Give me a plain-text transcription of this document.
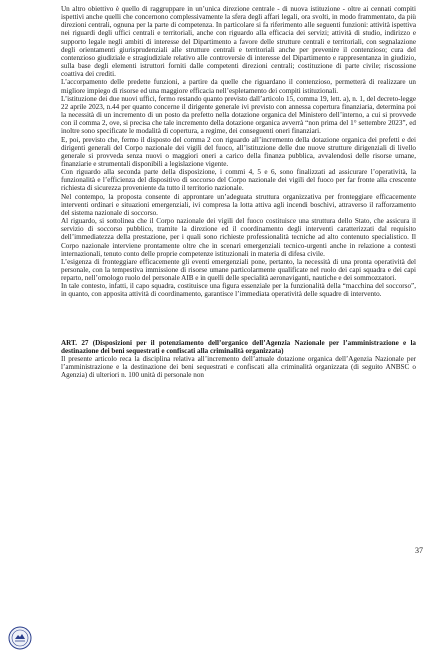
Un altro obiettivo è quello di raggruppare in un’unica direzione centrale - di nuova istituzione - oltre ai cennati compiti ispettivi anche quelli che concernono complessivamente la sfera degli affari legali, ora svolti, in modo frammentato, da più direzioni centrali, ognuna per la parte di competenza. In particolare si fa riferimento alle seguenti funzioni: attività ispettiva nei riguardi degli uffici centrali e territoriali, anche con riguardo alla efficacia dei servizi; attività di studio, indirizzo e supporto legale negli ambiti di interesse del Dipartimento a favore delle strutture centrali e territoriali, con segnalazione degli orientamenti giurisprudenziali alle strutture centrali e territoriali anche per prevenire il contenzioso; cura del contenzioso giudiziale e stragiudiziale relativo alle controversie di interesse del Dipartimento e rappresentanza in giudizio, sulla base degli elementi istruttori forniti dalle competenti direzioni centrali; costituzione di parte civile; riscossione coattiva dei crediti.

L’accorpamento delle predette funzioni, a partire da quelle che riguardano il contenzioso, permetterà di realizzare un migliore impiego di risorse ed una maggiore efficacia nell’espletamento dei compiti istituzionali.

L’istituzione dei due nuovi uffici, fermo restando quanto previsto dall’articolo 15, comma 19, lett. a), n. 1, del decreto-legge 22 aprile 2023, n.44 per quanto concerne il dirigente generale ivi previsto con annessa copertura finanziaria, determina poi la necessità di un incremento di un posto da prefetto nella dotazione organica del Ministero dell’interno, a cui si provvede con il comma 2, ove, si precisa che tale incremento della dotazione organica avverrà “non prima del 1° settembre 2023”, ed inoltre sono specificate le modalità di copertura, a regime, dei conseguenti oneri finanziari.

E, poi, previsto che, fermo il disposto del comma 2 con riguardo all’incremento della dotazione organica dei prefetti e dei dirigenti generali del Corpo nazionale dei vigili del fuoco, all’istituzione delle due nuove strutture dirigenziali di livello generale si provveda senza nuovi o maggiori oneri a carico della finanza pubblica, avvalendosi delle risorse umane, finanziarie e strumentali disponibili a legislazione vigente.

Con riguardo alla seconda parte della disposizione, i commi 4, 5 e 6, sono finalizzati ad assicurare l’operatività, la funzionalità e l’efficienza del dispositivo di soccorso del Corpo nazionale dei vigili del fuoco per far fronte alla crescente richiesta di sicurezza proveniente da tutto il territorio nazionale.

Nel contempo, la proposta consente di approntare un’adeguata struttura organizzativa per fronteggiare efficacemente interventi ordinari e situazioni emergenziali, ivi compresa la lotta attiva agli incendi boschivi, attraverso il rafforzamento del sistema nazionale di soccorso.

Al riguardo, si sottolinea che il Corpo nazionale dei vigili del fuoco costituisce una struttura dello Stato, che assicura il servizio di soccorso pubblico, tramite la direzione ed il coordinamento degli interventi caratterizzati dal requisito dell’immediatezza della prestazione, per i quali sono richieste professionalità tecniche ad alto contenuto specialistico. Il Corpo nazionale interviene prontamente oltre che in scenari emergenziali tecnico-urgenti anche in relazione a contesti internazionali, tenuto conto delle proprie competenze istituzionali in materia di difesa civile.

L’esigenza di fronteggiare efficacemente gli eventi emergenziali pone, pertanto, la necessità di una pronta operatività del personale, con la tempestiva immissione di risorse umane particolarmente qualificate nel ruolo dei capi squadra e dei capi reparto, nell’omologo ruolo del personale AIB e in quelli delle specialità aeronaviganti, nautiche e dei sommozzatori.

In tale contesto, infatti, il capo squadra, costituisce una figura essenziale per la funzionalità della “macchina del soccorso”, in quanto, con apposita attività di coordinamento, garantisce l’immediata operatività delle squadre di intervento.

ART. 27 (Disposizioni per il potenziamento dell’organico dell’Agenzia Nazionale per l’amministrazione e la destinazione dei beni sequestrati e confiscati alla criminalità organizzata)

Il presente articolo reca la disciplina relativa all’incremento dell’attuale dotazione organica dell’Agenzia Nazionale per l’amministrazione e la destinazione dei beni sequestrati e confiscati alla criminalità organizzata (di seguito ANBSC o Agenzia) di ulteriori n. 100 unità di personale non

37
